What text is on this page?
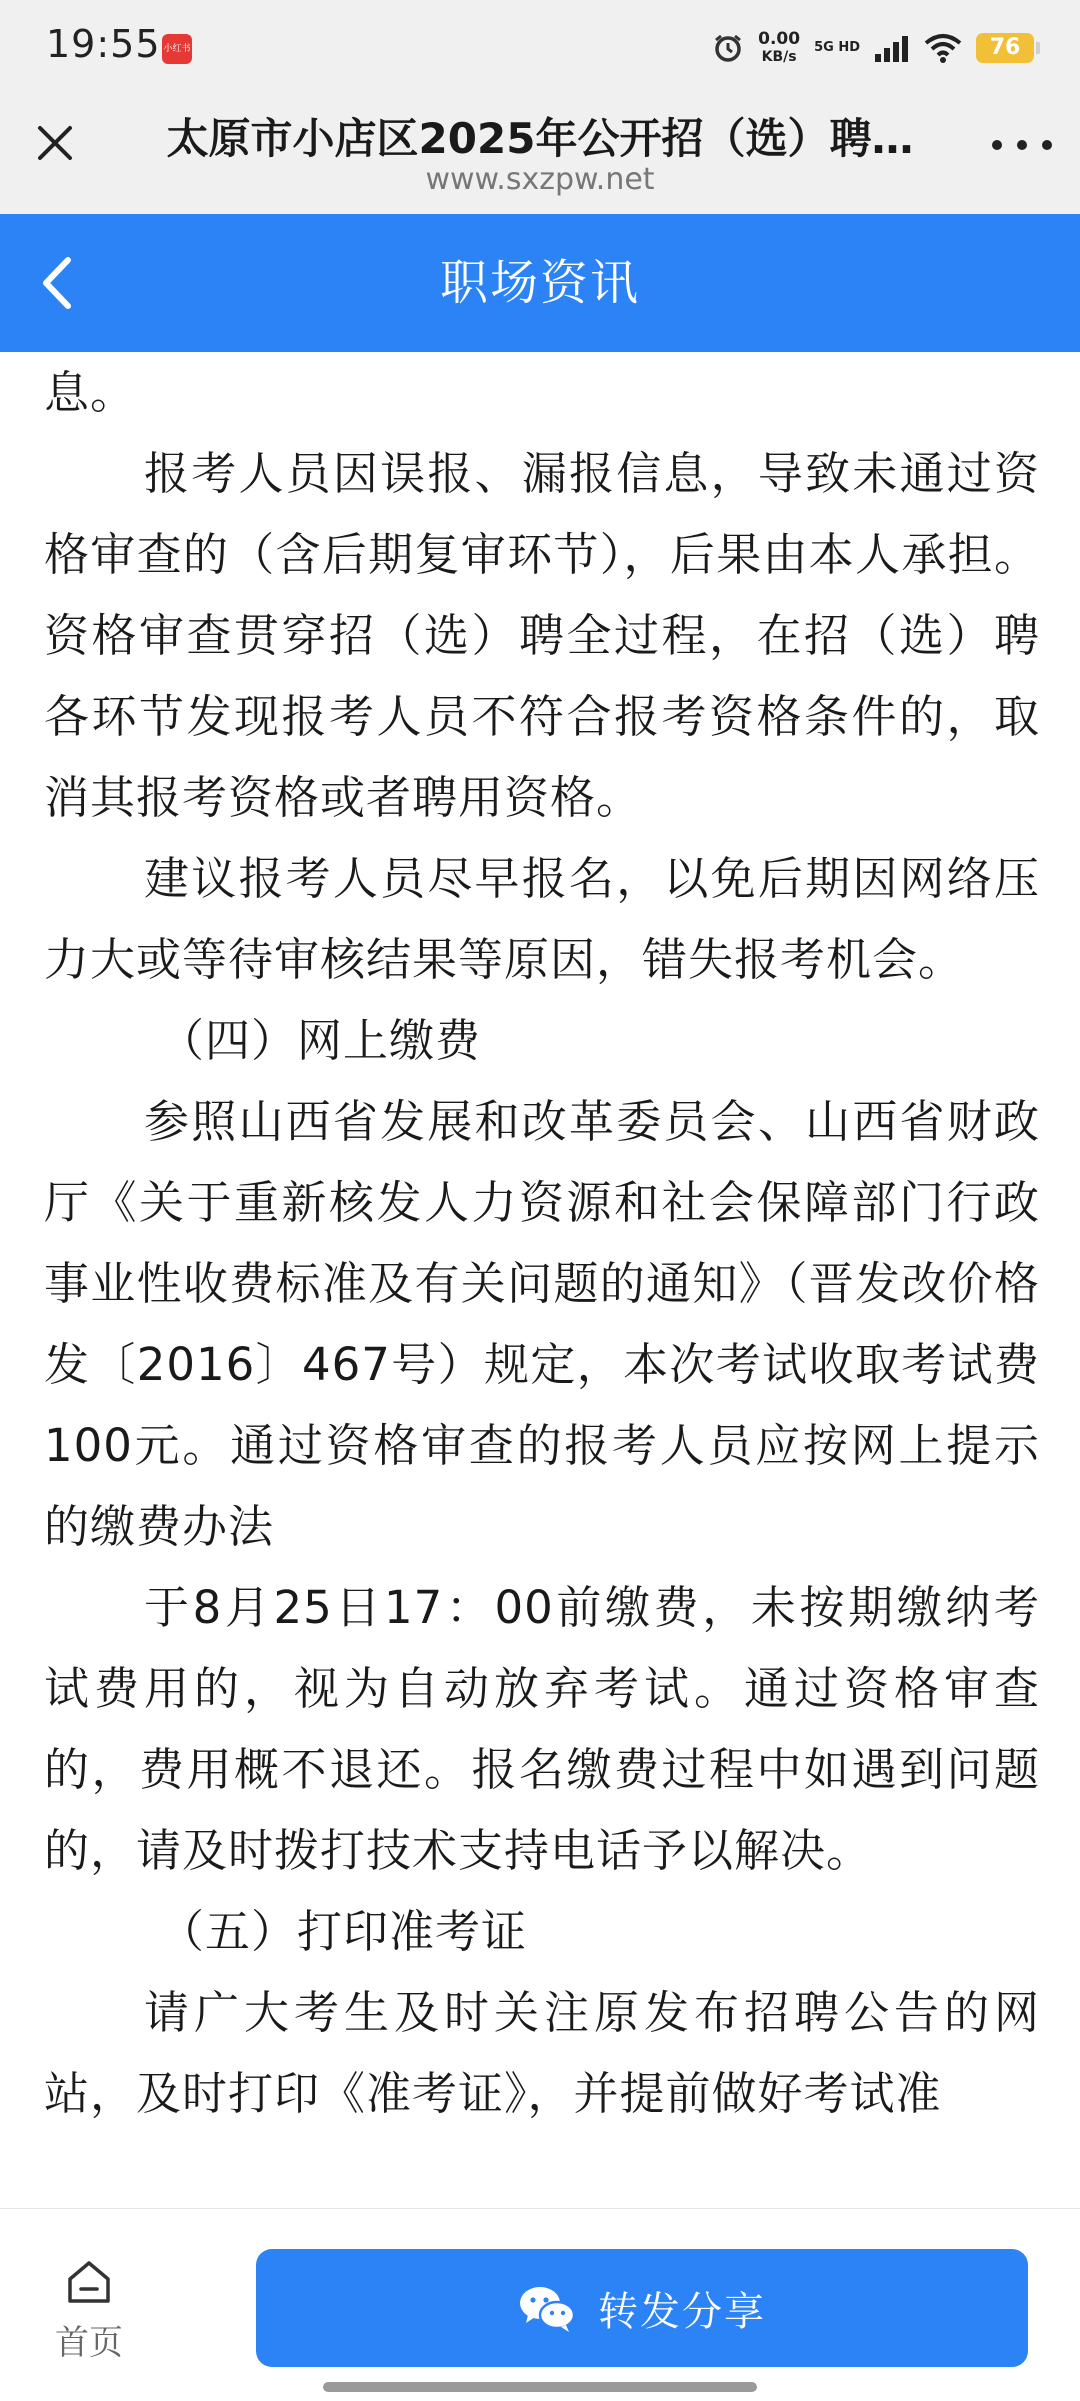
19:55 小红书	0.00
KB/s
5G HD	76
太原市小店区2025年公开招（选）聘…
www.sxzpw.net
职场资讯

息。

报考人员因误报、漏报信息，导致未通过资格审查的（含后期复审环节），后果由本人承担。资格审查贯穿招（选）聘全过程，在招（选）聘各环节发现报考人员不符合报考资格条件的，取消其报考资格或者聘用资格。

建议报考人员尽早报名，以免后期因网络压力大或等待审核结果等原因，错失报考机会。

（四）网上缴费

参照山西省发展和改革委员会、山西省财政厅《关于重新核发人力资源和社会保障部门行政事业性收费标准及有关问题的通知》（晋发改价格发〔2016〕467号）规定，本次考试收取考试费100元。通过资格审查的报考人员应按网上提示的缴费办法

于8月25日17：00前缴费，未按期缴纳考试费用的，视为自动放弃考试。通过资格审查的，费用概不退还。报名缴费过程中如遇到问题的，请及时拨打技术支持电话予以解决。

（五）打印准考证

请广大考生及时关注原发布招聘公告的网站，及时打印《准考证》，并提前做好考试准

首页
转发分享
